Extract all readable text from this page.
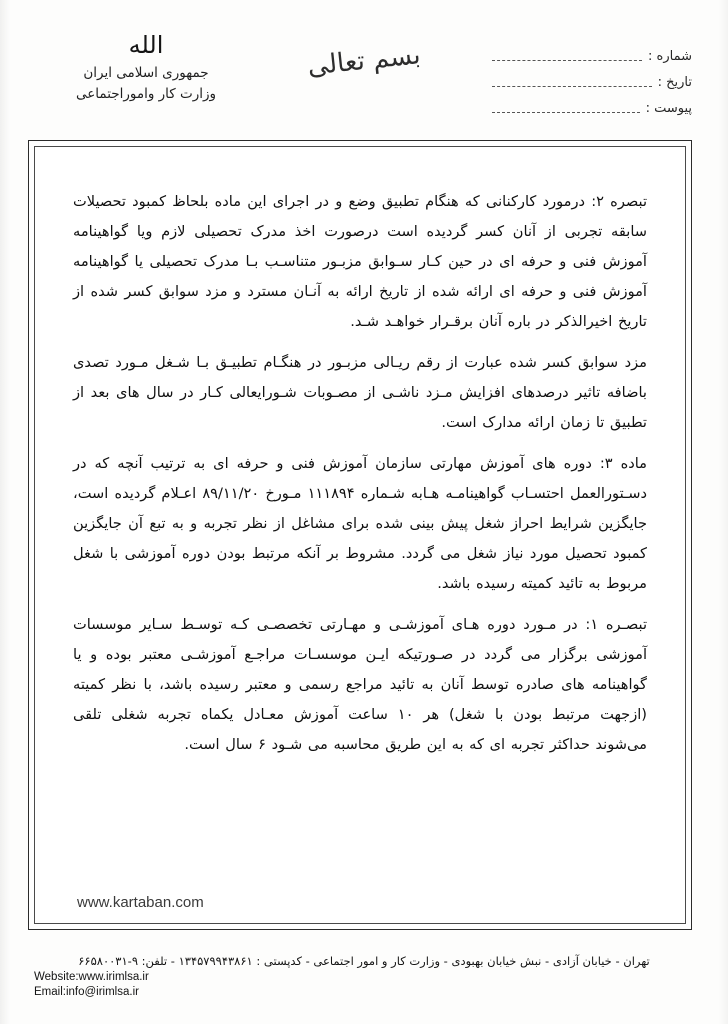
شماره :
تاریخ :
پیوست :
بسم تعالی
الله
جمهوری اسلامی ایران
وزارت کار واموراجتماعی

تبصره ۲: درمورد کارکنانی که هنگام تطبیق وضع و در اجرای این ماده بلحاظ کمبود تحصیلات سابقه تجربی از آنان کسر گردیده است درصورت اخذ مدرک تحصیلی لازم ویا گواهینامه آموزش فنی و حرفه ای در حین کـار سـوابق مزبـور متناسـب بـا مدرک تحصیلی یا گواهینامه آموزش فنی و حرفه ای ارائه شده از تاریخ ارائه به آنـان مسترد و مزد سوابق کسر شده از تاریخ اخیرالذکر در باره آنان برقـرار خواهـد شـد.

مزد سوابق کسر شده عبارت از رقم ریـالی مزبـور در هنگـام تطبیـق بـا شـغل مـورد تصدی باضافه تاثیر درصدهای افزایش مـزد ناشـی از مصـوبات شـورایعالی کـار در سال های بعد از تطبیق تا زمان ارائه مدارک است.

ماده ۳: دوره های آموزش مهارتی سازمان آموزش فنی و حرفه ای به ترتیب آنچه که در دسـتورالعمل احتسـاب گواهینامـه هـابه شـماره ۱۱۱۸۹۴ مـورخ ۸۹/۱۱/۲۰ اعـلام گردیده است، جایگزین شرایط احراز شغل پیش بینی شده برای مشاغل از نظر تجربه و به تبع آن جایگزین کمبود تحصیل مورد نیاز شغل می گردد. مشروط بر آنکه مرتبط بودن دوره آموزشی با شغل مربوط به تائید کمیته رسیده باشد.

تبصـره ۱: در مـورد دوره هـای آموزشـی و مهـارتی تخصصـی کـه توسـط سـایر موسسات آموزشی برگزار می گردد در صـورتیکه ایـن موسسـات مراجـع آموزشـی معتبر بوده و یا گواهینامه های صادره توسط آنان به تائید مراجع رسمی و معتبر رسیده باشد، با نظر کمیته (ازجهت مرتبط بودن با شغل) هر ۱۰ ساعت آموزش معـادل یکماه تجربه شغلی تلقی می‌شوند حداکثر تجربه ای که به این طریق محاسبه می شـود ۶ سال است.

www.kartaban.com
تهران - خیابان آزادی - نبش خیابان بهبودی - وزارت کار و امور اجتماعی - کدپستی : ۱۳۴۵۷۹۹۴۳۸۶۱ - تلفن: ۹-۶۶۵۸۰۰۳۱
Website:www.irimlsa.ir
Email:info@irimlsa.ir
